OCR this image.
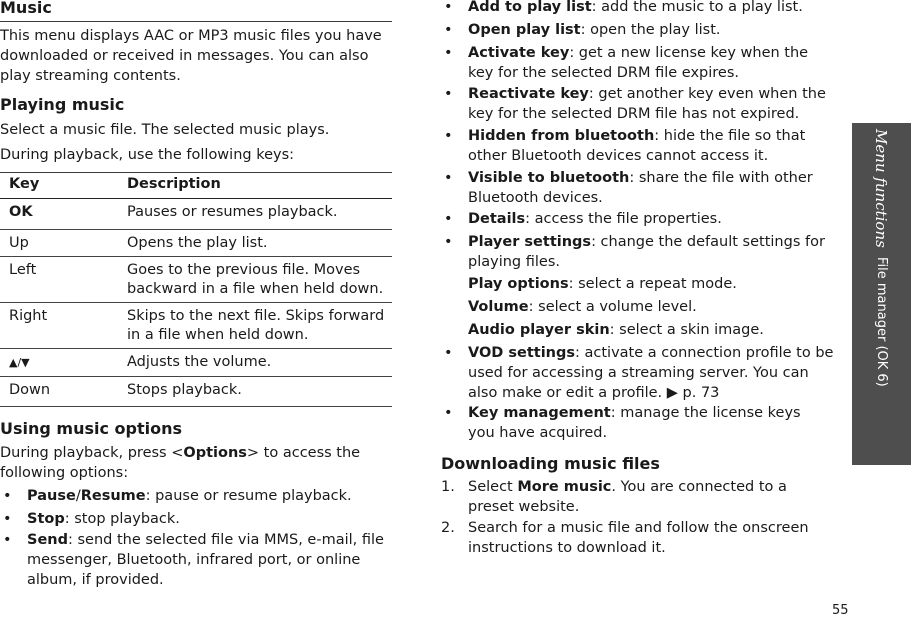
Music
This menu displays AAC or MP3 music files you have downloaded or received in messages. You can also play streaming contents.
Playing music
Select a music file. The selected music plays.
During playback, use the following keys:
Key	Description
OK	Pauses or resumes playback.
Up	Opens the play list.
Left	Goes to the previous file. Moves backward in a file when held down.
Right	Skips to the next file. Skips forward in a file when held down.
▲/▼	Adjusts the volume.
Down	Stops playback.
Using music options
During playback, press <Options> to access the following options:
• Pause/Resume: pause or resume playback.
• Stop: stop playback.
• Send: send the selected file via MMS, e-mail, file messenger, Bluetooth, infrared port, or online album, if provided.
• Add to play list: add the music to a play list.
• Open play list: open the play list.
• Activate key: get a new license key when the key for the selected DRM file expires.
• Reactivate key: get another key even when the key for the selected DRM file has not expired.
• Hidden from bluetooth: hide the file so that other Bluetooth devices cannot access it.
• Visible to bluetooth: share the file with other Bluetooth devices.
• Details: access the file properties.
• Player settings: change the default settings for playing files.
Play options: select a repeat mode.
Volume: select a volume level.
Audio player skin: select a skin image.
• VOD settings: activate a connection profile to be used for accessing a streaming server. You can also make or edit a profile. ▶ p. 73
• Key management: manage the license keys you have acquired.
Downloading music files
1. Select More music. You are connected to a preset website.
2. Search for a music file and follow the onscreen instructions to download it.
Menu functions
File manager (OK 6)
55
